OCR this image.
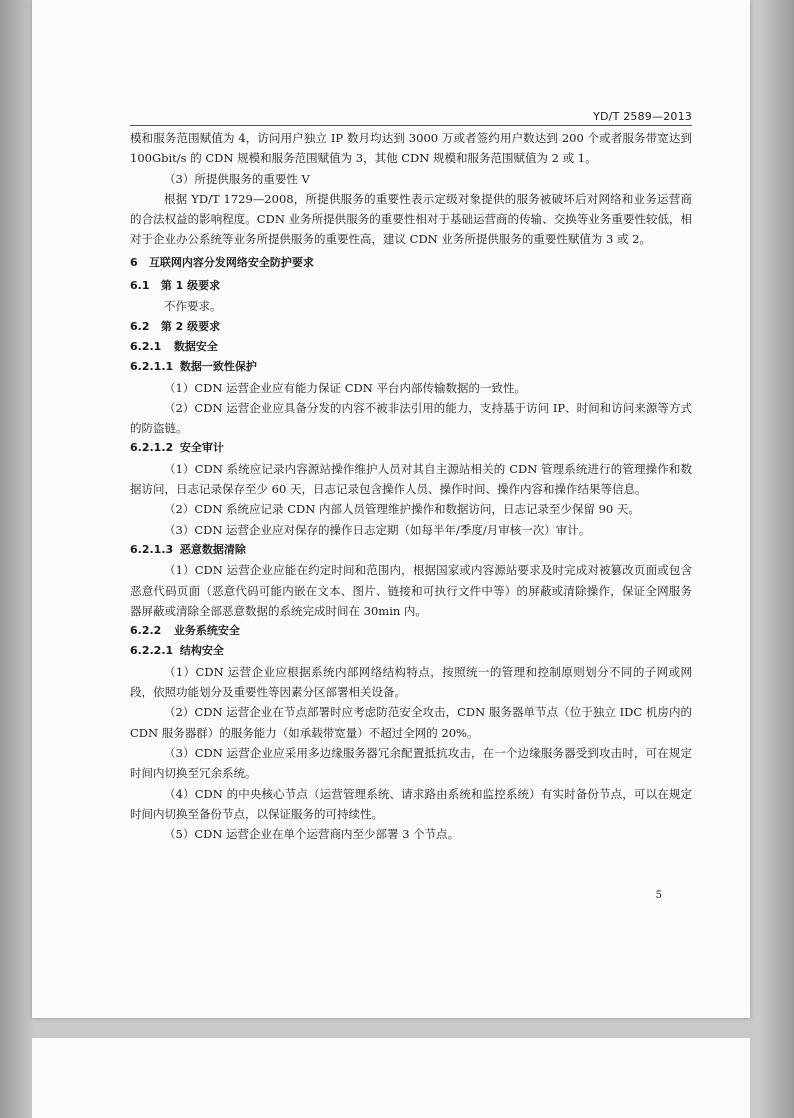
YD/T 2589—2013

模和服务范围赋值为 4，访问用户独立 IP 数月均达到 3000 万或者签约用户数达到 200 个或者服务带宽达到 100Gbit/s 的 CDN 规模和服务范围赋值为 3，其他 CDN 规模和服务范围赋值为 2 或 1。

（3）所提供服务的重要性 V

根据 YD/T 1729—2008，所提供服务的重要性表示定级对象提供的服务被破坏后对网络和业务运营商的合法权益的影响程度。CDN 业务所提供服务的重要性相对于基础运营商的传输、交换等业务重要性较低，相对于企业办公系统等业务所提供服务的重要性高，建议 CDN 业务所提供服务的重要性赋值为 3 或 2。

6 互联网内容分发网络安全防护要求
6.1 第 1 级要求

不作要求。

6.2 第 2 级要求
6.2.1 数据安全
6.2.1.1 数据一致性保护

（1）CDN 运营企业应有能力保证 CDN 平台内部传输数据的一致性。

（2）CDN 运营企业应具备分发的内容不被非法引用的能力，支持基于访问 IP、时间和访问来源等方式的防盗链。

6.2.1.2 安全审计

（1）CDN 系统应记录内容源站操作维护人员对其自主源站相关的 CDN 管理系统进行的管理操作和数据访问，日志记录保存至少 60 天，日志记录包含操作人员、操作时间、操作内容和操作结果等信息。

（2）CDN 系统应记录 CDN 内部人员管理维护操作和数据访问，日志记录至少保留 90 天。

（3）CDN 运营企业应对保存的操作日志定期（如每半年/季度/月审核一次）审计。

6.2.1.3 恶意数据清除

（1）CDN 运营企业应能在约定时间和范围内，根据国家或内容源站要求及时完成对被篡改页面或包含恶意代码页面（恶意代码可能内嵌在文本、图片、链接和可执行文件中等）的屏蔽或清除操作，保证全网服务器屏蔽或清除全部恶意数据的系统完成时间在 30min 内。

6.2.2 业务系统安全
6.2.2.1 结构安全

（1）CDN 运营企业应根据系统内部网络结构特点，按照统一的管理和控制原则划分不同的子网或网段，依照功能划分及重要性等因素分区部署相关设备。

（2）CDN 运营企业在节点部署时应考虑防范安全攻击，CDN 服务器单节点（位于独立 IDC 机房内的 CDN 服务器群）的服务能力（如承载带宽量）不超过全网的 20%。

（3）CDN 运营企业应采用多边缘服务器冗余配置抵抗攻击，在一个边缘服务器受到攻击时，可在规定时间内切换至冗余系统。

（4）CDN 的中央核心节点（运营管理系统、请求路由系统和监控系统）有实时备份节点，可以在规定时间内切换至备份节点，以保证服务的可持续性。

（5）CDN 运营企业在单个运营商内至少部署 3 个节点。

5
